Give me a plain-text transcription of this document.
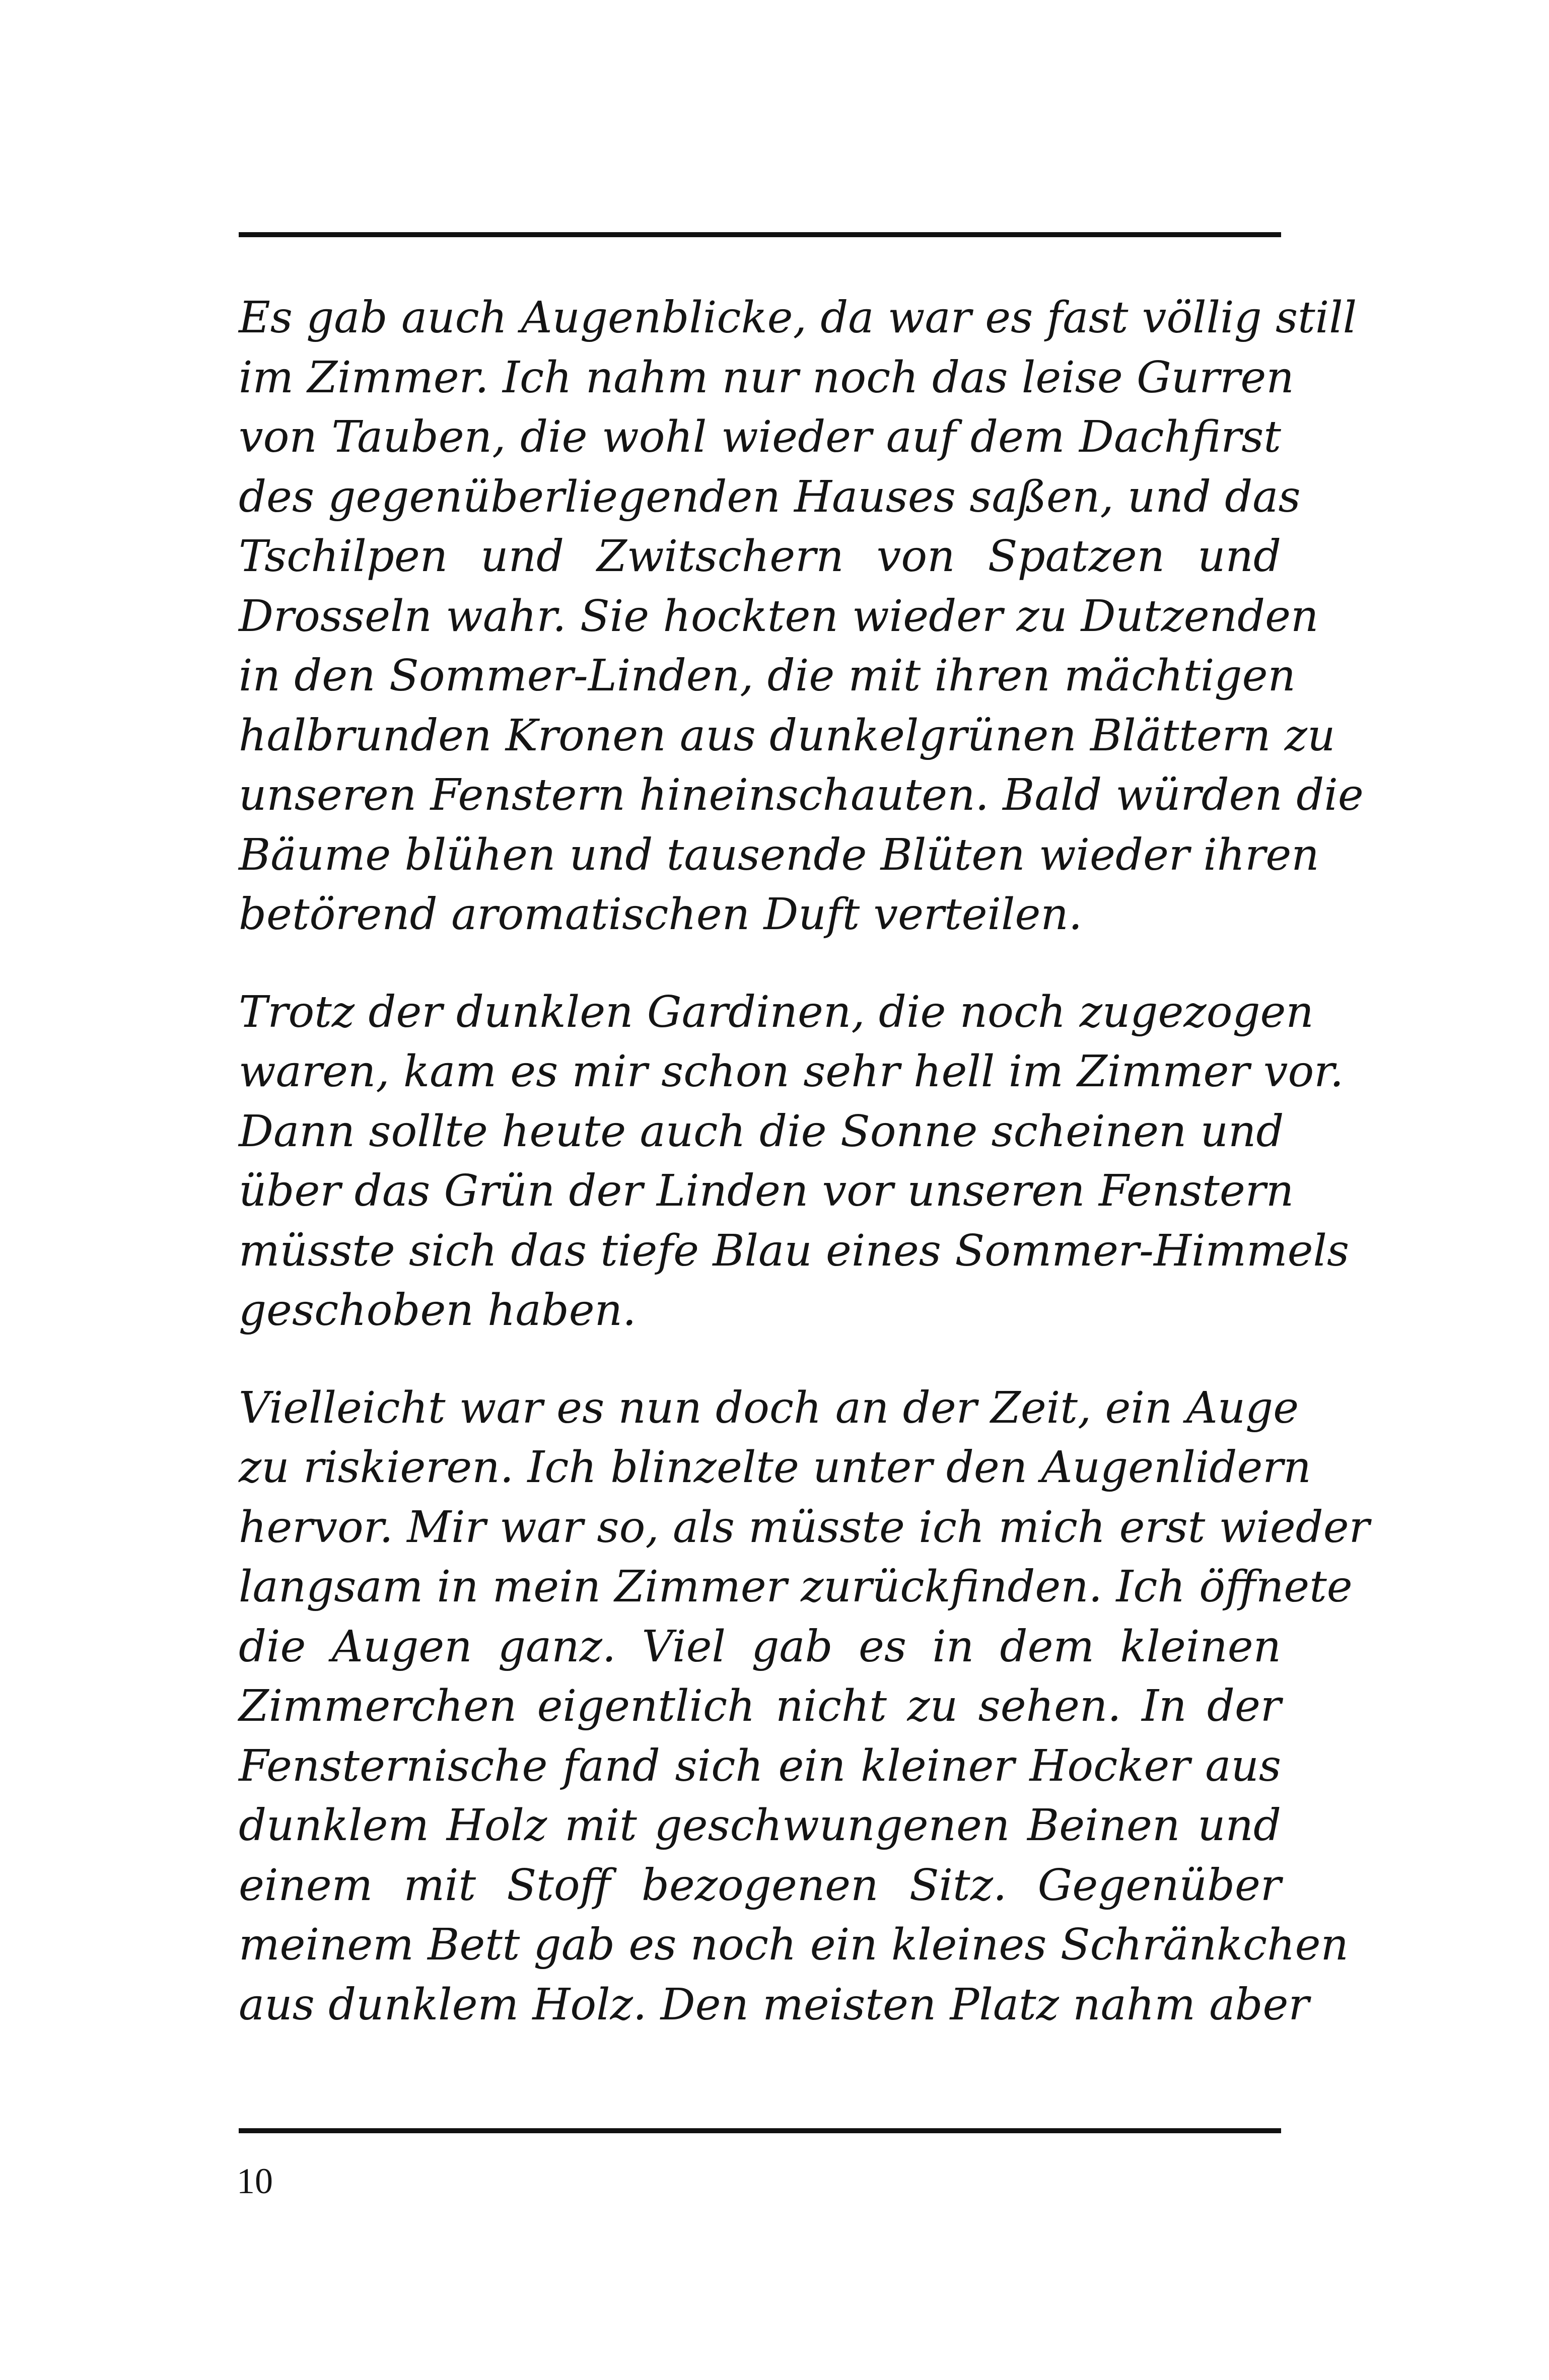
Es gab auch Augenblicke, da war es fast völlig still
im Zimmer. Ich nahm nur noch das leise Gurren
von Tauben, die wohl wieder auf dem Dachfirst
des gegenüberliegenden Hauses saßen, und das
Tschilpen und Zwitschern von Spatzen und
Drosseln wahr. Sie hockten wieder zu Dutzenden
in den Sommer-Linden, die mit ihren mächtigen
halbrunden Kronen aus dunkelgrünen Blättern zu
unseren Fenstern hineinschauten. Bald würden die
Bäume blühen und tausende Blüten wieder ihren
betörend aromatischen Duft verteilen.

Trotz der dunklen Gardinen, die noch zugezogen
waren, kam es mir schon sehr hell im Zimmer vor.
Dann sollte heute auch die Sonne scheinen und
über das Grün der Linden vor unseren Fenstern
müsste sich das tiefe Blau eines Sommer-Himmels
geschoben haben.

Vielleicht war es nun doch an der Zeit, ein Auge
zu riskieren. Ich blinzelte unter den Augenlidern
hervor. Mir war so, als müsste ich mich erst wieder
langsam in mein Zimmer zurückfinden. Ich öffnete
die Augen ganz. Viel gab es in dem kleinen
Zimmerchen eigentlich nicht zu sehen. In der
Fensternische fand sich ein kleiner Hocker aus
dunklem Holz mit geschwungenen Beinen und
einem mit Stoff bezogenen Sitz. Gegenüber
meinem Bett gab es noch ein kleines Schränkchen
aus dunklem Holz. Den meisten Platz nahm aber

10
